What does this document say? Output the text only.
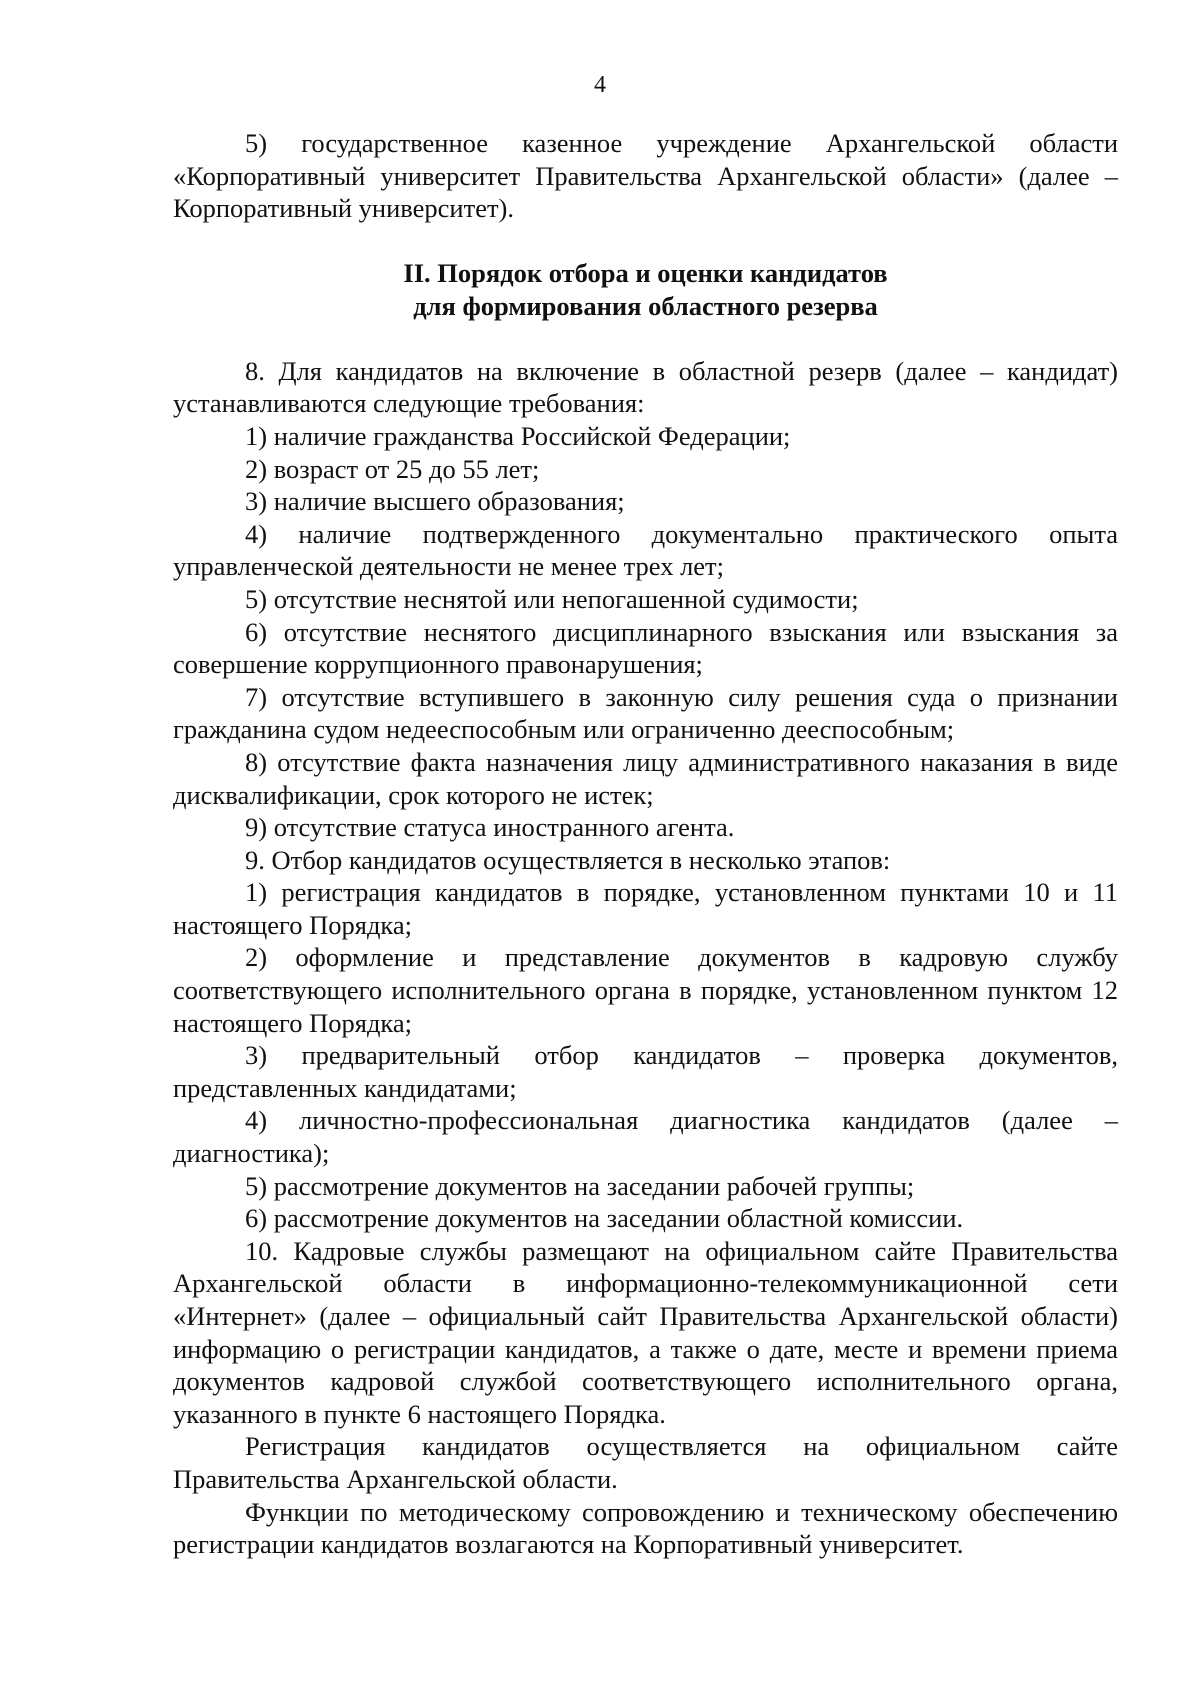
4

5) государственное казенное учреждение Архангельской области «Корпоративный университет Правительства Архангельской области» (далее – Корпоративный университет).

II. Порядок отбора и оценки кандидатов
для формирования областного резерва

8. Для кандидатов на включение в областной резерв (далее – кандидат) устанавливаются следующие требования:

1) наличие гражданства Российской Федерации;

2) возраст от 25 до 55 лет;

3) наличие высшего образования;

4) наличие подтвержденного документально практического опыта управленческой деятельности не менее трех лет;

5) отсутствие неснятой или непогашенной судимости;

6) отсутствие неснятого дисциплинарного взыскания или взыскания за совершение коррупционного правонарушения;

7) отсутствие вступившего в законную силу решения суда о признании гражданина судом недееспособным или ограниченно дееспособным;

8) отсутствие факта назначения лицу административного наказания в виде дисквалификации, срок которого не истек;

9) отсутствие статуса иностранного агента.

9. Отбор кандидатов осуществляется в несколько этапов:

1) регистрация кандидатов в порядке, установленном пунктами 10 и 11 настоящего Порядка;

2) оформление и представление документов в кадровую службу соответствующего исполнительного органа в порядке, установленном пунктом 12 настоящего Порядка;

3) предварительный отбор кандидатов – проверка документов, представленных кандидатами;

4) личностно-профессиональная диагностика кандидатов (далее – диагностика);

5) рассмотрение документов на заседании рабочей группы;

6) рассмотрение документов на заседании областной комиссии.

10. Кадровые службы размещают на официальном сайте Правительства Архангельской области в информационно-телекоммуникационной сети «Интернет» (далее – официальный сайт Правительства Архангельской области) информацию о регистрации кандидатов, а также о дате, месте и времени приема документов кадровой службой соответствующего исполнительного органа, указанного в пункте 6 настоящего Порядка.

Регистрация кандидатов осуществляется на официальном сайте Правительства Архангельской области.

Функции по методическому сопровождению и техническому обеспечению регистрации кандидатов возлагаются на Корпоративный университет.
